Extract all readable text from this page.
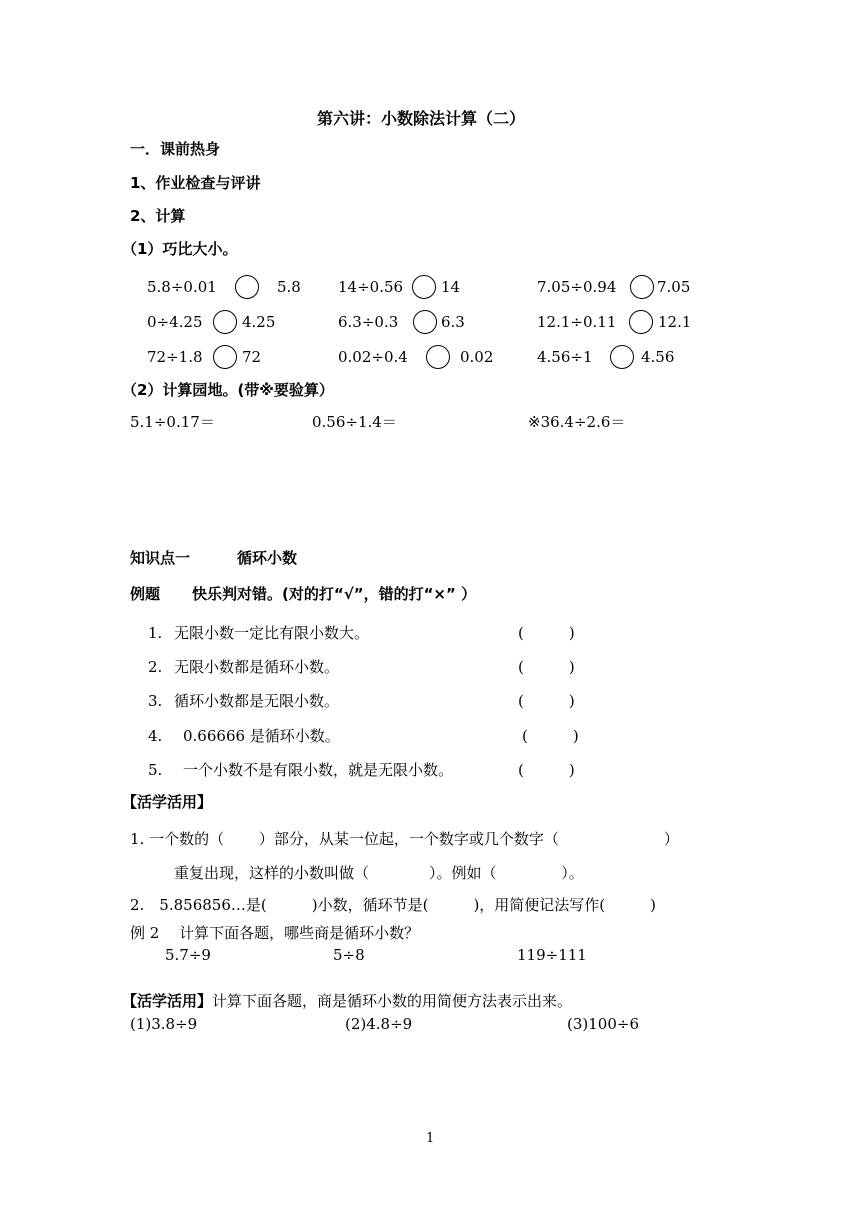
第六讲：小数除法计算（二）
一．课前热身
1、作业检查与评讲
2、计算
（1）巧比大小。
5.8÷0.01	5.8 14÷0.56	14	7.05÷0.94	7.05
0÷4.25	4.25	6.3÷0.3	6.3	12.1÷0.11	12.1
72÷1.8	72	0.02÷0.4	0.02	4.56÷1	4.56
（2）计算园地。(带※要验算）
5.1÷0.17＝	0.56÷1.4＝	※36.4÷2.6＝
知识点一	循环小数
例题 快乐判对错。(对的打“√”，错的打“×” ）
1. 无限小数一定比有限小数大。	(　　　)
2. 无限小数都是循环小数。	(　　　)
3. 循环小数都是无限小数。	(　　　)
4. 0.66666 是循环小数。	(　　　)
5. 一个小数不是有限小数，就是无限小数。	(　　　)
【活学活用】
1. 一个数的（　　 ）部分，从某一位起，一个数字或几个数字（　　　　　　　）
重复出现，这样的小数叫做（　　　　）。例如（　　　　 ）。
2.　5.856856…是(　　　)小数，循环节是(　　　)，用简便记法写作(　　　)
例 2　 计算下面各题，哪些商是循环小数？
5.7÷9	5÷8	119÷111
【活学活用】计算下面各题，商是循环小数的用简便方法表示出来。
(1)3.8÷9	(2)4.8÷9	(3)100÷6
1
